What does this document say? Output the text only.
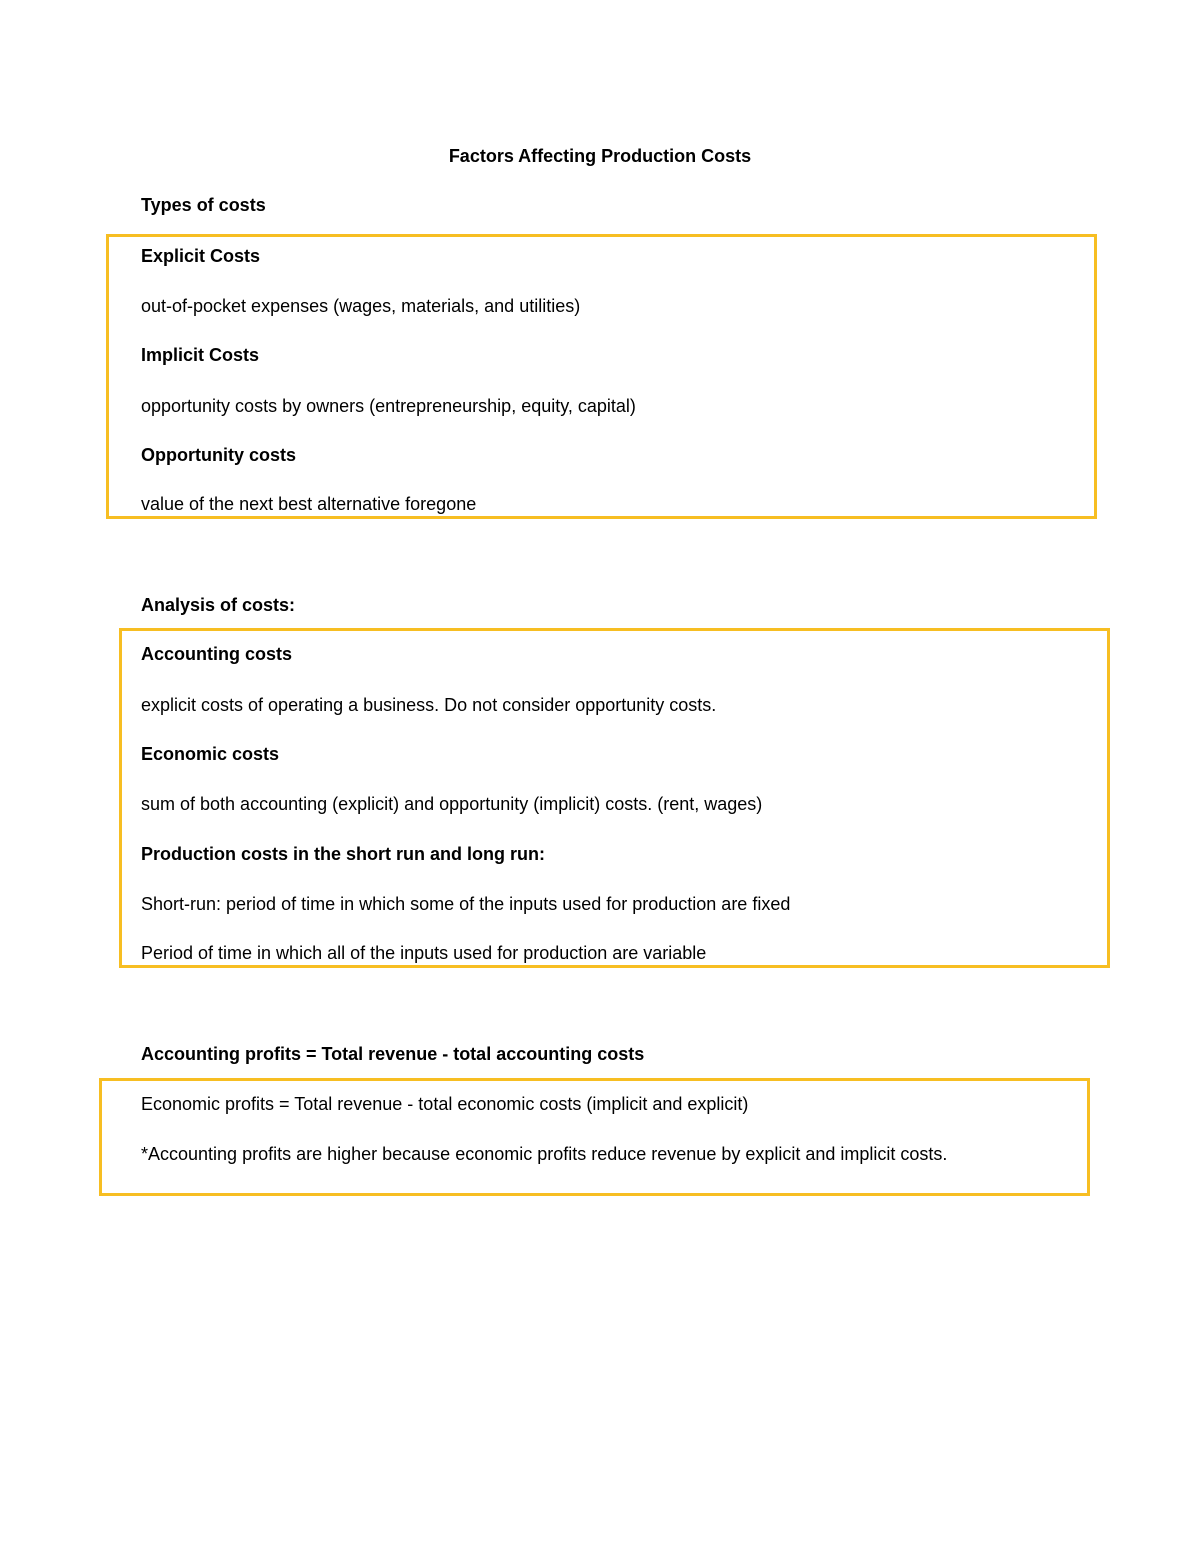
Factors Affecting Production Costs
Types of costs
Explicit Costs
out-of-pocket expenses (wages, materials, and utilities)
Implicit Costs
opportunity costs by owners (entrepreneurship, equity, capital)
Opportunity costs
value of the next best alternative foregone
Analysis of costs:
Accounting costs
explicit costs of operating a business. Do not consider opportunity costs.
Economic costs
sum of both accounting (explicit) and opportunity (implicit) costs. (rent, wages)
Production costs in the short run and long run:
Short-run: period of time in which some of the inputs used for production are fixed
Period of time in which all of the inputs used for production are variable
Accounting profits = Total revenue - total accounting costs
Economic profits = Total revenue - total economic costs (implicit and explicit)
*Accounting profits are higher because economic profits reduce revenue by explicit and implicit costs.
